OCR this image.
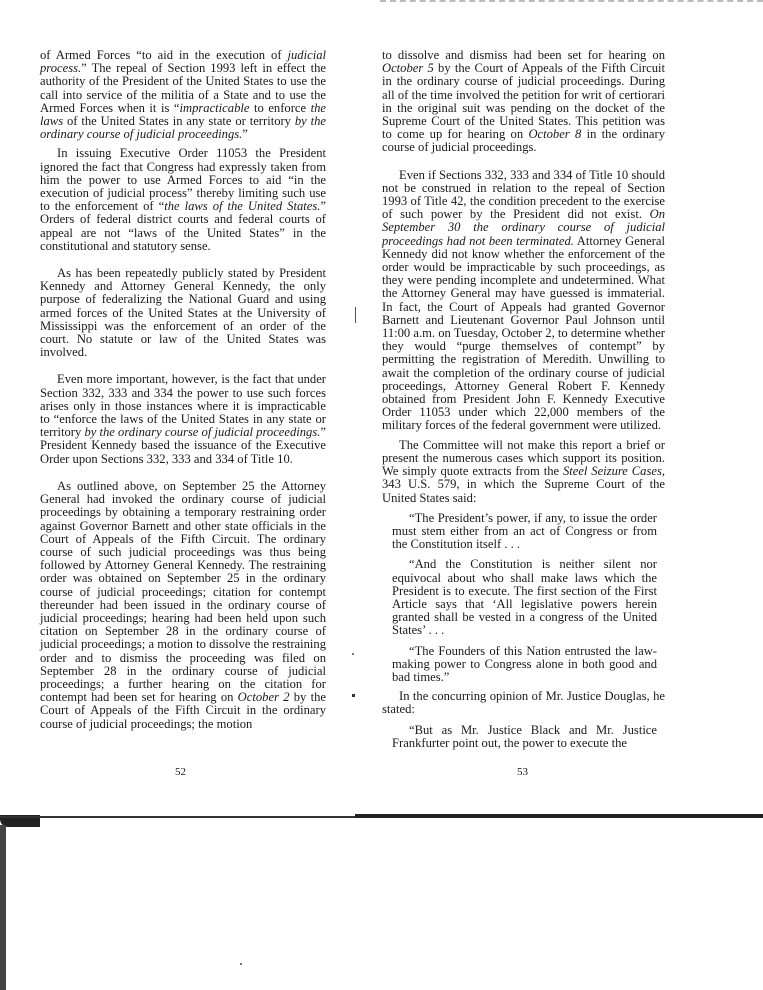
of Armed Forces “to aid in the execution of judicial process.” The repeal of Section 1993 left in effect the authority of the President of the United States to use the call into service of the militia of a State and to use the Armed Forces when it is “impracticable to enforce the laws of the United States in any state or territory by the ordinary course of judicial proceedings.”

In issuing Executive Order 11053 the President ignored the fact that Congress had expressly taken from him the power to use Armed Forces to aid “in the execution of judicial process” thereby limiting such use to the enforcement of “the laws of the United States.” Orders of federal district courts and federal courts of appeal are not “laws of the United States” in the constitutional and statutory sense.

As has been repeatedly publicly stated by President Kennedy and Attorney General Kennedy, the only purpose of federalizing the National Guard and using armed forces of the United States at the University of Mississippi was the enforcement of an order of the court. No statute or law of the United States was involved.

Even more important, however, is the fact that under Section 332, 333 and 334 the power to use such forces arises only in those instances where it is impracticable to “enforce the laws of the United States in any state or territory by the ordinary course of judicial proceedings.” President Kennedy based the issuance of the Executive Order upon Sections 332, 333 and 334 of Title 10.

As outlined above, on September 25 the Attorney General had invoked the ordinary course of judicial proceedings by obtaining a temporary restraining order against Governor Barnett and other state officials in the Court of Appeals of the Fifth Circuit. The ordinary course of such judicial proceedings was thus being followed by Attorney General Kennedy. The restraining order was obtained on September 25 in the ordinary course of judicial proceedings; citation for contempt thereunder had been issued in the ordinary course of judicial proceedings; hearing had been held upon such citation on September 28 in the ordinary course of judicial proceedings; a motion to dissolve the restraining order and to dismiss the proceeding was filed on September 28 in the ordinary course of judicial proceedings; a further hearing on the citation for contempt had been set for hearing on October 2 by the Court of Appeals of the Fifth Circuit in the ordinary course of judicial proceedings; the motion

to dissolve and dismiss had been set for hearing on October 5 by the Court of Appeals of the Fifth Circuit in the ordinary course of judicial proceedings. During all of the time involved the petition for writ of certiorari in the original suit was pending on the docket of the Supreme Court of the United States. This petition was to come up for hearing on October 8 in the ordinary course of judicial proceedings.

Even if Sections 332, 333 and 334 of Title 10 should not be construed in relation to the repeal of Section 1993 of Title 42, the condition precedent to the exercise of such power by the President did not exist. On September 30 the ordinary course of judicial proceedings had not been terminated. Attorney General Kennedy did not know whether the enforcement of the order would be impracticable by such proceedings, as they were pending incomplete and undetermined. What the Attorney General may have guessed is immaterial. In fact, the Court of Appeals had granted Governor Barnett and Lieutenant Governor Paul Johnson until 11:00 a.m. on Tuesday, October 2, to determine whether they would “purge themselves of contempt” by permitting the registration of Meredith. Unwilling to await the completion of the ordinary course of judicial proceedings, Attorney General Robert F. Kennedy obtained from President John F. Kennedy Executive Order 11053 under which 22,000 members of the military forces of the federal government were utilized.

The Committee will not make this report a brief or present the numerous cases which support its position. We simply quote extracts from the Steel Seizure Cases, 343 U.S. 579, in which the Supreme Court of the United States said:

“The President’s power, if any, to issue the order must stem either from an act of Congress or from the Constitution itself . . .

“And the Constitution is neither silent nor equivocal about who shall make laws which the President is to execute. The first section of the First Article says that ‘All legislative powers herein granted shall be vested in a congress of the United States’ . . .

“The Founders of this Nation entrusted the law-making power to Congress alone in both good and bad times.”

In the concurring opinion of Mr. Justice Douglas, he stated:

“But as Mr. Justice Black and Mr. Justice Frankfurter point out, the power to execute the

52	53
